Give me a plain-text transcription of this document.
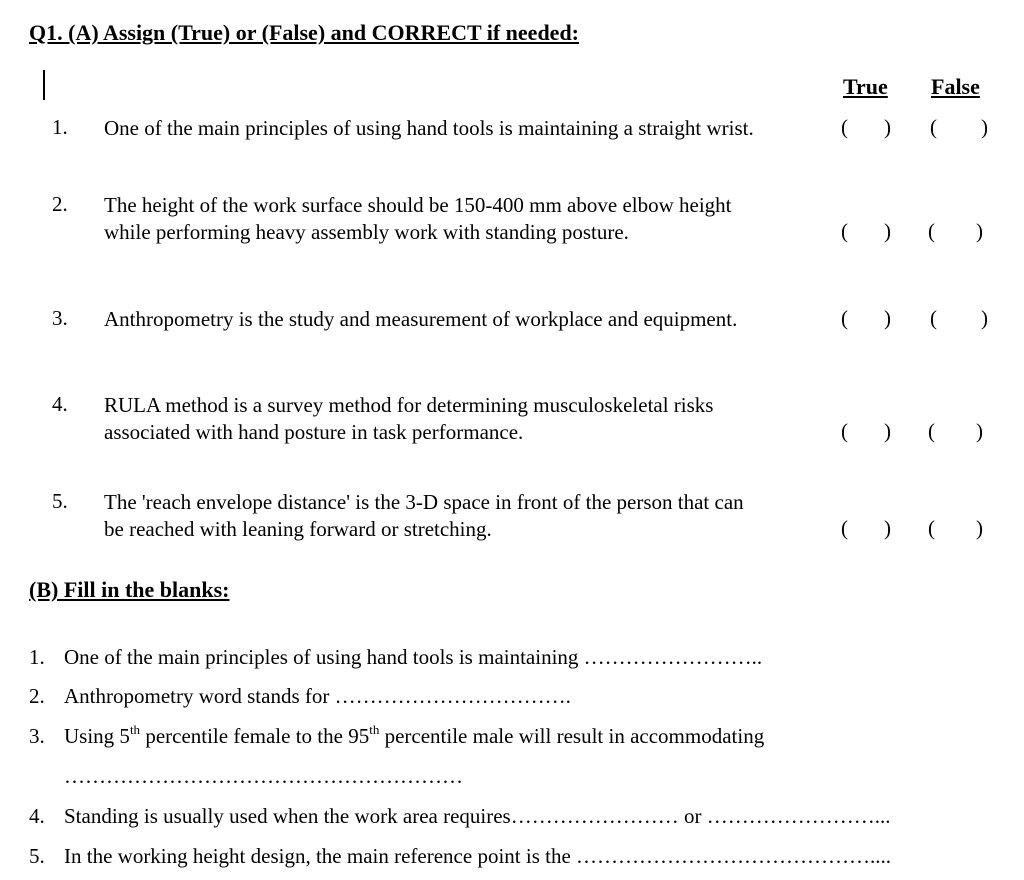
Q1. (A) Assign (True) or (False) and CORRECT if needed:
True False
1. One of the main principles of using hand tools is maintaining a straight wrist.	( ) ( )
2. The height of the work surface should be 150-400 mm above elbow height
while performing heavy assembly work with standing posture.	( ) ( )
3. Anthropometry is the study and measurement of workplace and equipment.	( ) ( )
4. RULA method is a survey method for determining musculoskeletal risks
associated with hand posture in task performance.	( ) ( )
5. The 'reach envelope distance' is the 3-D space in front of the person that can
be reached with leaning forward or stretching.	( ) ( )
(B) Fill in the blanks:
1. One of the main principles of using hand tools is maintaining ……………………..
2. Anthropometry word stands for …………………………….
3. Using 5th percentile female to the 95th percentile male will result in accommodating
…………………………………………………
4. Standing is usually used when the work area requires…………………… or ……………………...
5. In the working height design, the main reference point is the ……………………………………....
